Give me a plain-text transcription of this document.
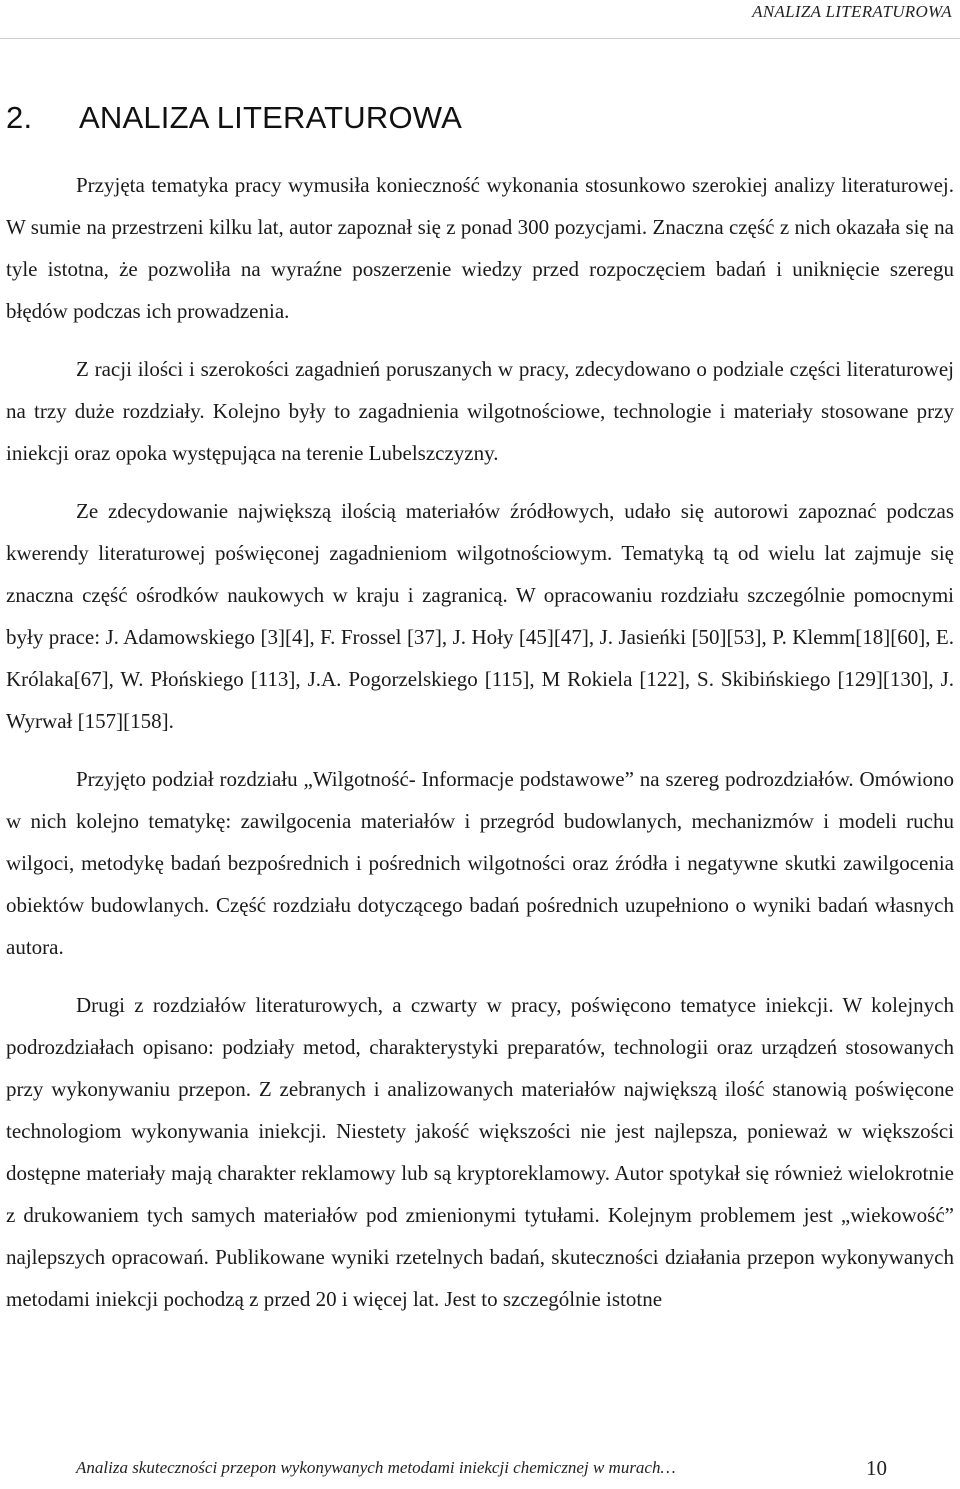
ANALIZA LITERATUROWA
2. ANALIZA LITERATUROWA

Przyjęta tematyka pracy wymusiła konieczność wykonania stosunkowo szerokiej analizy literaturowej. W sumie na przestrzeni kilku lat, autor zapoznał się z ponad 300 pozycjami. Znaczna część z nich okazała się na tyle istotna, że pozwoliła na wyraźne poszerzenie wiedzy przed rozpoczęciem badań i uniknięcie szeregu błędów podczas ich prowadzenia.

Z racji ilości i szerokości zagadnień poruszanych w pracy, zdecydowano o podziale części literaturowej na trzy duże rozdziały. Kolejno były to zagadnienia wilgotnościowe, technologie i materiały stosowane przy iniekcji oraz opoka występująca na terenie Lubelszczyzny.

Ze zdecydowanie największą ilością materiałów źródłowych, udało się autorowi zapoznać podczas kwerendy literaturowej poświęconej zagadnieniom wilgotnościowym. Tematyką tą od wielu lat zajmuje się znaczna część ośrodków naukowych w kraju i zagranicą. W opracowaniu rozdziału szczególnie pomocnymi były prace: J. Adamowskiego [3][4], F. Frossel [37], J. Hoły [45][47], J. Jasieńki [50][53], P. Klemm[18][60], E. Królaka[67], W. Płońskiego [113], J.A. Pogorzelskiego [115], M Rokiela [122], S. Skibińskiego [129][130], J. Wyrwał [157][158].

Przyjęto podział rozdziału „Wilgotność- Informacje podstawowe” na szereg podrozdziałów. Omówiono w nich kolejno tematykę: zawilgocenia materiałów i przegród budowlanych, mechanizmów i modeli ruchu wilgoci, metodykę badań bezpośrednich i pośrednich wilgotności oraz źródła i negatywne skutki zawilgocenia obiektów budowlanych. Część rozdziału dotyczącego badań pośrednich uzupełniono o wyniki badań własnych autora.

Drugi z rozdziałów literaturowych, a czwarty w pracy, poświęcono tematyce iniekcji. W kolejnych podrozdziałach opisano: podziały metod, charakterystyki preparatów, technologii oraz urządzeń stosowanych przy wykonywaniu przepon. Z zebranych i analizowanych materiałów największą ilość stanowią poświęcone technologiom wykonywania iniekcji. Niestety jakość większości nie jest najlepsza, ponieważ w większości dostępne materiały mają charakter reklamowy lub są kryptoreklamowy. Autor spotykał się również wielokrotnie z drukowaniem tych samych materiałów pod zmienionymi tytułami. Kolejnym problemem jest „wiekowość” najlepszych opracowań. Publikowane wyniki rzetelnych badań, skuteczności działania przepon wykonywanych metodami iniekcji pochodzą z przed 20 i więcej lat. Jest to szczególnie istotne

Analiza skuteczności przepon wykonywanych metodami iniekcji chemicznej w murach…	10
